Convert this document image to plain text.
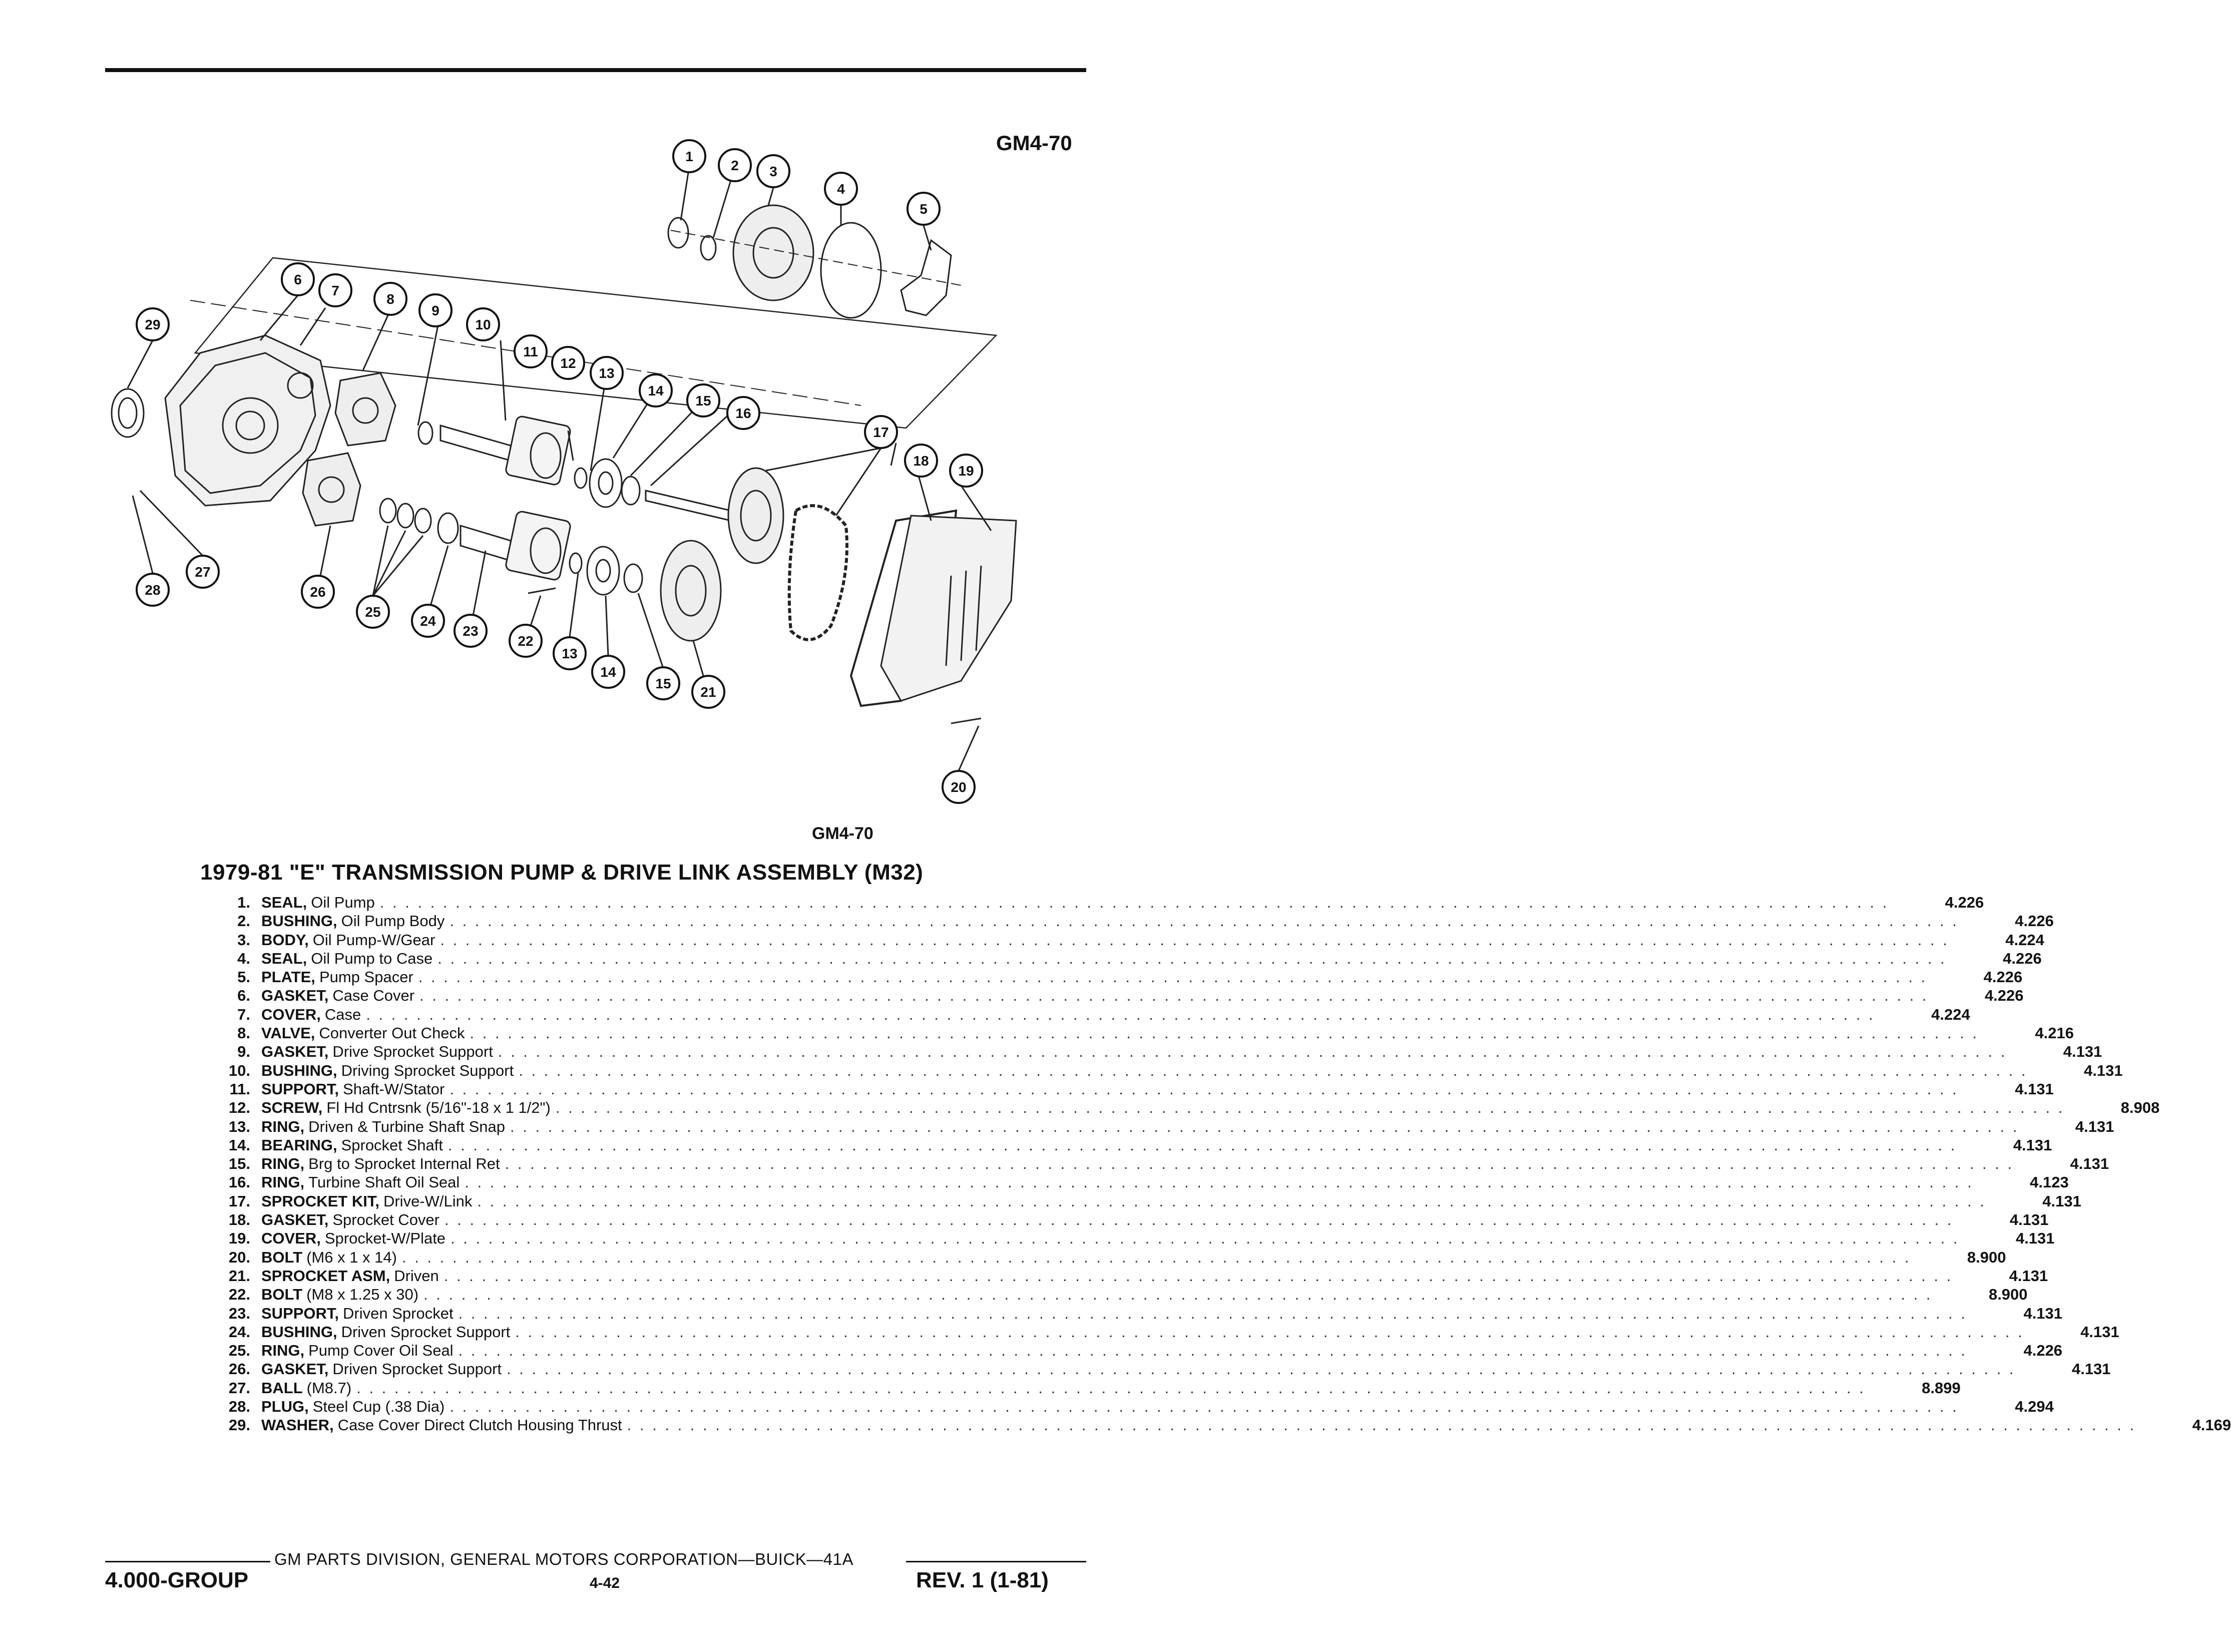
GM4-70
1
2 3
4
5
6
7
8
9
10
11
12
13
14
15
16
17
18
19
20
21
22
23
24
25
26
27
28
29
13
14
15
GM4-70
1979-81 "E" TRANSMISSION PUMP & DRIVE LINK ASSEMBLY (M32)
1. SEAL, Oil Pump . . . . . . . . . . . . . . . . . . . . . . . . . . . . . . . . . . . . . . . . . . . . . . . . . . . . . . . . . . . . . . . . . . . . . . . . . . . . . . . . . . . . . . . . . . . . . . . . . . . . . . . . . . . . . . . . . . . . . . . .	4.226
2. BUSHING, Oil Pump Body . . . . . . . . . . . . . . . . . . . . . . . . . . . . . . . . . . . . . . . . . . . . . . . . . . . . . . . . . . . . . . . . . . . . . . . . . . . . . . . . . . . . . . . . . . . . . . . . . . . . . . . . . . . . . . . . . . . . . . . .	4.226
3. BODY, Oil Pump-W/Gear . . . . . . . . . . . . . . . . . . . . . . . . . . . . . . . . . . . . . . . . . . . . . . . . . . . . . . . . . . . . . . . . . . . . . . . . . . . . . . . . . . . . . . . . . . . . . . . . . . . . . . . . . . . . . . . . . . . . . . . .	4.224
4. SEAL, Oil Pump to Case . . . . . . . . . . . . . . . . . . . . . . . . . . . . . . . . . . . . . . . . . . . . . . . . . . . . . . . . . . . . . . . . . . . . . . . . . . . . . . . . . . . . . . . . . . . . . . . . . . . . . . . . . . . . . . . . . . . . . . . .	4.226
5. PLATE, Pump Spacer . . . . . . . . . . . . . . . . . . . . . . . . . . . . . . . . . . . . . . . . . . . . . . . . . . . . . . . . . . . . . . . . . . . . . . . . . . . . . . . . . . . . . . . . . . . . . . . . . . . . . . . . . . . . . . . . . . . . . . . .	4.226
6. GASKET, Case Cover . . . . . . . . . . . . . . . . . . . . . . . . . . . . . . . . . . . . . . . . . . . . . . . . . . . . . . . . . . . . . . . . . . . . . . . . . . . . . . . . . . . . . . . . . . . . . . . . . . . . . . . . . . . . . . . . . . . . . . . .	4.226
7. COVER, Case . . . . . . . . . . . . . . . . . . . . . . . . . . . . . . . . . . . . . . . . . . . . . . . . . . . . . . . . . . . . . . . . . . . . . . . . . . . . . . . . . . . . . . . . . . . . . . . . . . . . . . . . . . . . . . . . . . . . . . . .	4.224
8. VALVE, Converter Out Check . . . . . . . . . . . . . . . . . . . . . . . . . . . . . . . . . . . . . . . . . . . . . . . . . . . . . . . . . . . . . . . . . . . . . . . . . . . . . . . . . . . . . . . . . . . . . . . . . . . . . . . . . . . . . . . . . . . . . . . .	4.216
9. GASKET, Drive Sprocket Support . . . . . . . . . . . . . . . . . . . . . . . . . . . . . . . . . . . . . . . . . . . . . . . . . . . . . . . . . . . . . . . . . . . . . . . . . . . . . . . . . . . . . . . . . . . . . . . . . . . . . . . . . . . . . . . . . . . . . . . .	4.131
10. BUSHING, Driving Sprocket Support . . . . . . . . . . . . . . . . . . . . . . . . . . . . . . . . . . . . . . . . . . . . . . . . . . . . . . . . . . . . . . . . . . . . . . . . . . . . . . . . . . . . . . . . . . . . . . . . . . . . . . . . . . . . . . . . . . . . . . . .	4.131
11. SUPPORT, Shaft-W/Stator . . . . . . . . . . . . . . . . . . . . . . . . . . . . . . . . . . . . . . . . . . . . . . . . . . . . . . . . . . . . . . . . . . . . . . . . . . . . . . . . . . . . . . . . . . . . . . . . . . . . . . . . . . . . . . . . . . . . . . . .	4.131
12. SCREW, Fl Hd Cntrsnk (5/16"-18 x 1 1/2") . . . . . . . . . . . . . . . . . . . . . . . . . . . . . . . . . . . . . . . . . . . . . . . . . . . . . . . . . . . . . . . . . . . . . . . . . . . . . . . . . . . . . . . . . . . . . . . . . . . . . . . . . . . . . . . . . . . . . . . .	8.908
13. RING, Driven & Turbine Shaft Snap . . . . . . . . . . . . . . . . . . . . . . . . . . . . . . . . . . . . . . . . . . . . . . . . . . . . . . . . . . . . . . . . . . . . . . . . . . . . . . . . . . . . . . . . . . . . . . . . . . . . . . . . . . . . . . . . . . . . . . . .	4.131
14. BEARING, Sprocket Shaft . . . . . . . . . . . . . . . . . . . . . . . . . . . . . . . . . . . . . . . . . . . . . . . . . . . . . . . . . . . . . . . . . . . . . . . . . . . . . . . . . . . . . . . . . . . . . . . . . . . . . . . . . . . . . . . . . . . . . . . .	4.131
15. RING, Brg to Sprocket Internal Ret . . . . . . . . . . . . . . . . . . . . . . . . . . . . . . . . . . . . . . . . . . . . . . . . . . . . . . . . . . . . . . . . . . . . . . . . . . . . . . . . . . . . . . . . . . . . . . . . . . . . . . . . . . . . . . . . . . . . . . . .	4.131
16. RING, Turbine Shaft Oil Seal . . . . . . . . . . . . . . . . . . . . . . . . . . . . . . . . . . . . . . . . . . . . . . . . . . . . . . . . . . . . . . . . . . . . . . . . . . . . . . . . . . . . . . . . . . . . . . . . . . . . . . . . . . . . . . . . . . . . . . . .	4.123
17. SPROCKET KIT, Drive-W/Link . . . . . . . . . . . . . . . . . . . . . . . . . . . . . . . . . . . . . . . . . . . . . . . . . . . . . . . . . . . . . . . . . . . . . . . . . . . . . . . . . . . . . . . . . . . . . . . . . . . . . . . . . . . . . . . . . . . . . . . .	4.131
18. GASKET, Sprocket Cover . . . . . . . . . . . . . . . . . . . . . . . . . . . . . . . . . . . . . . . . . . . . . . . . . . . . . . . . . . . . . . . . . . . . . . . . . . . . . . . . . . . . . . . . . . . . . . . . . . . . . . . . . . . . . . . . . . . . . . . .	4.131
19. COVER, Sprocket-W/Plate . . . . . . . . . . . . . . . . . . . . . . . . . . . . . . . . . . . . . . . . . . . . . . . . . . . . . . . . . . . . . . . . . . . . . . . . . . . . . . . . . . . . . . . . . . . . . . . . . . . . . . . . . . . . . . . . . . . . . . . .	4.131
20. BOLT (M6 x 1 x 14) . . . . . . . . . . . . . . . . . . . . . . . . . . . . . . . . . . . . . . . . . . . . . . . . . . . . . . . . . . . . . . . . . . . . . . . . . . . . . . . . . . . . . . . . . . . . . . . . . . . . . . . . . . . . . . . . . . . . . . . .	8.900
21. SPROCKET ASM, Driven . . . . . . . . . . . . . . . . . . . . . . . . . . . . . . . . . . . . . . . . . . . . . . . . . . . . . . . . . . . . . . . . . . . . . . . . . . . . . . . . . . . . . . . . . . . . . . . . . . . . . . . . . . . . . . . . . . . . . . . .	4.131
22. BOLT (M8 x 1.25 x 30) . . . . . . . . . . . . . . . . . . . . . . . . . . . . . . . . . . . . . . . . . . . . . . . . . . . . . . . . . . . . . . . . . . . . . . . . . . . . . . . . . . . . . . . . . . . . . . . . . . . . . . . . . . . . . . . . . . . . . . . .	8.900
23. SUPPORT, Driven Sprocket . . . . . . . . . . . . . . . . . . . . . . . . . . . . . . . . . . . . . . . . . . . . . . . . . . . . . . . . . . . . . . . . . . . . . . . . . . . . . . . . . . . . . . . . . . . . . . . . . . . . . . . . . . . . . . . . . . . . . . . .	4.131
24. BUSHING, Driven Sprocket Support . . . . . . . . . . . . . . . . . . . . . . . . . . . . . . . . . . . . . . . . . . . . . . . . . . . . . . . . . . . . . . . . . . . . . . . . . . . . . . . . . . . . . . . . . . . . . . . . . . . . . . . . . . . . . . . . . . . . . . . .	4.131
25. RING, Pump Cover Oil Seal . . . . . . . . . . . . . . . . . . . . . . . . . . . . . . . . . . . . . . . . . . . . . . . . . . . . . . . . . . . . . . . . . . . . . . . . . . . . . . . . . . . . . . . . . . . . . . . . . . . . . . . . . . . . . . . . . . . . . . . .	4.226
26. GASKET, Driven Sprocket Support . . . . . . . . . . . . . . . . . . . . . . . . . . . . . . . . . . . . . . . . . . . . . . . . . . . . . . . . . . . . . . . . . . . . . . . . . . . . . . . . . . . . . . . . . . . . . . . . . . . . . . . . . . . . . . . . . . . . . . . .	4.131
27. BALL (M8.7) . . . . . . . . . . . . . . . . . . . . . . . . . . . . . . . . . . . . . . . . . . . . . . . . . . . . . . . . . . . . . . . . . . . . . . . . . . . . . . . . . . . . . . . . . . . . . . . . . . . . . . . . . . . . . . . . . . . . . . . .	8.899
28. PLUG, Steel Cup (.38 Dia) . . . . . . . . . . . . . . . . . . . . . . . . . . . . . . . . . . . . . . . . . . . . . . . . . . . . . . . . . . . . . . . . . . . . . . . . . . . . . . . . . . . . . . . . . . . . . . . . . . . . . . . . . . . . . . . . . . . . . . . .	4.294
29. WASHER, Case Cover Direct Clutch Housing Thrust . . . . . . . . . . . . . . . . . . . . . . . . . . . . . . . . . . . . . . . . . . . . . . . . . . . . . . . . . . . . . . . . . . . . . . . . . . . . . . . . . . . . . . . . . . . . . . . . . . . . . . . . . . . . . . . . . . . . . . . .	4.169
GM PARTS DIVISION, GENERAL MOTORS CORPORATION—BUICK—41A
4.000-GROUP	4-42	REV. 1 (1-81)
